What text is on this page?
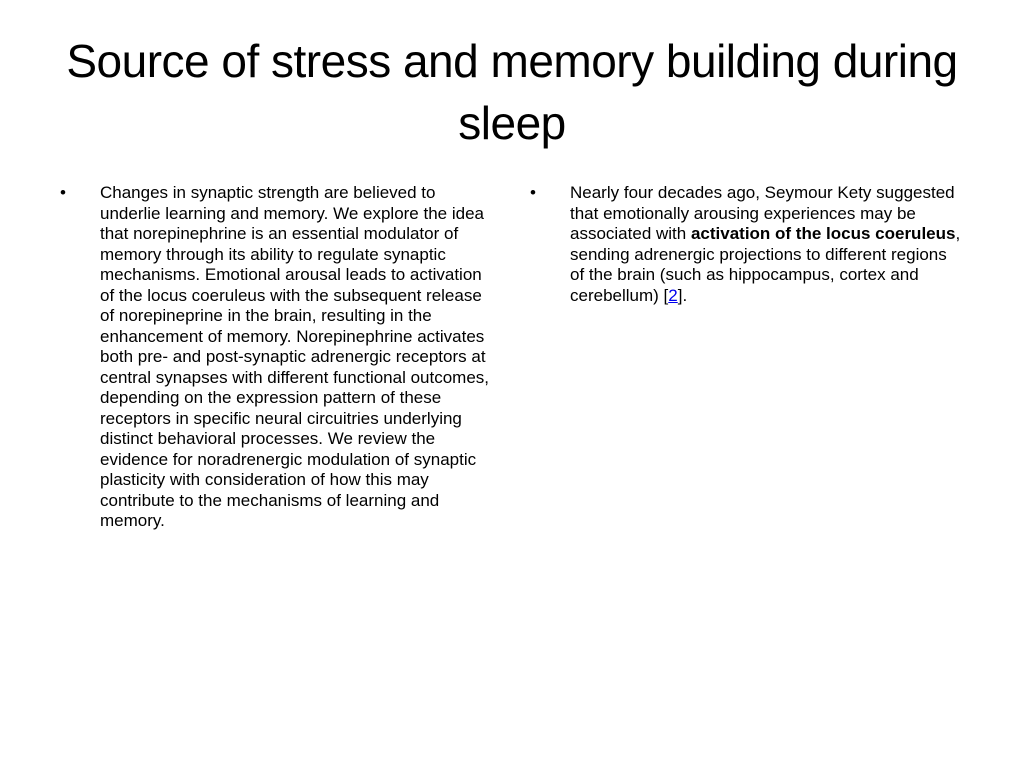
Source of stress and memory building during sleep
•	Changes in synaptic strength are believed to underlie learning and memory. We explore the idea that norepinephrine is an essential modulator of memory through its ability to regulate synaptic mechanisms. Emotional arousal leads to activation of the locus coeruleus with the subsequent release of norepinepr​ine in the brain, resulting in the enhancement of memory. Norepinephrine activates both pre- and post-synaptic adrenergic receptors at central synapses with different functional outcomes, depending on the expression pattern of these receptors in specific neural circuitries underlying distinct behavioral processes. We review the evidence for noradrenergic modulation of synaptic plasticity with consideration of how this may contribute to the mechanisms of learning and memory.
•	Nearly four decades ago, Seymour Kety suggested that emotionally arousing experiences may be associated with activation of the locus coeruleus, sending adrenergic projections to different regions of the brain (such as hippocampus, cortex and cerebellum) [2].
